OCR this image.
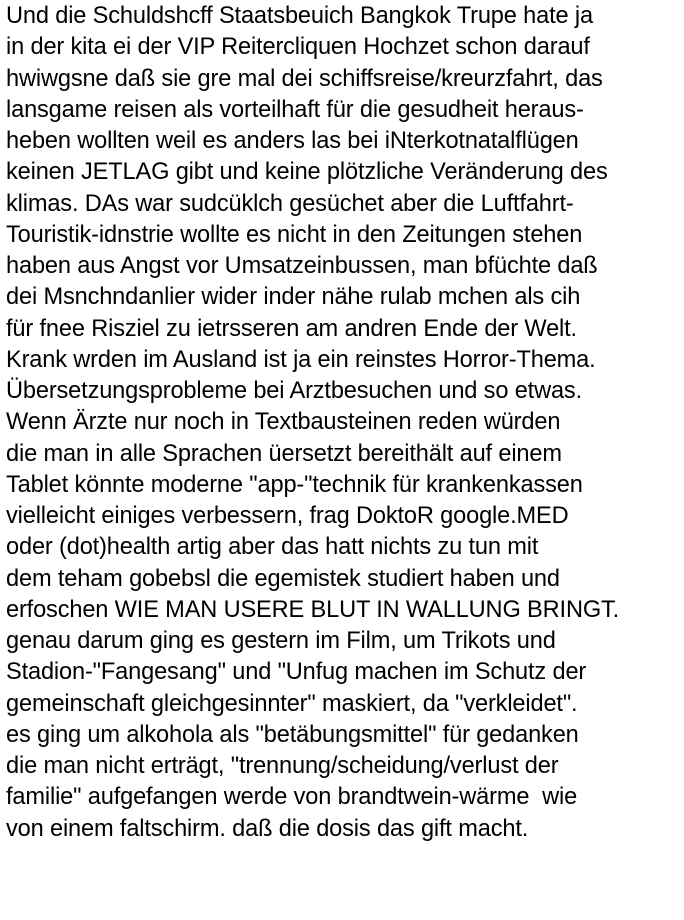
Und die Schuldshcff Staatsbeuich Bangkok Trupe hate ja
in der kita ei der VIP Reitercliquen Hochzet schon darauf
hwiwgsne daß sie gre mal dei schiffsreise/kreurzfahrt, das
lansgame reisen als vorteilhaft für die gesudheit heraus-
heben wollten weil es anders las bei iNterkotnatalflügen
keinen JETLAG gibt und keine plötzliche Veränderung des
klimas. DAs war sudcüklch gesüchet aber die Luftfahrt-
Touristik-idnstrie wollte es nicht in den Zeitungen stehen
haben aus Angst vor Umsatzeinbussen, man bfüchte daß
dei Msnchndanlier wider inder nähe rulab mchen als cih
für fnee Risziel zu ietrsseren am andren Ende der Welt.
Krank wrden im Ausland ist ja ein reinstes Horror-Thema.
Übersetzungsprobleme bei Arztbesuchen und so etwas.
Wenn Ärzte nur noch in Textbausteinen reden würden
die man in alle Sprachen üersetzt bereithält auf einem
Tablet könnte moderne "app-"technik für krankenkassen
vielleicht einiges verbessern, frag DoktoR google.MED
oder (dot)health artig aber das hatt nichts zu tun mit
dem teham gobebsl die egemistek studiert haben und
erfoschen WIE MAN USERE BLUT IN WALLUNG BRINGT.
genau darum ging es gestern im Film, um Trikots und
Stadion-"Fangesang" und "Unfug machen im Schutz der
gemeinschaft gleichgesinnter" maskiert, da "verkleidet".
es ging um alkohola als "betäbungsmittel" für gedanken
die man nicht erträgt, "trennung/scheidung/verlust der
familie" aufgefangen werde von brandtwein-wärme  wie
von einem faltschirm. daß die dosis das gift macht.
